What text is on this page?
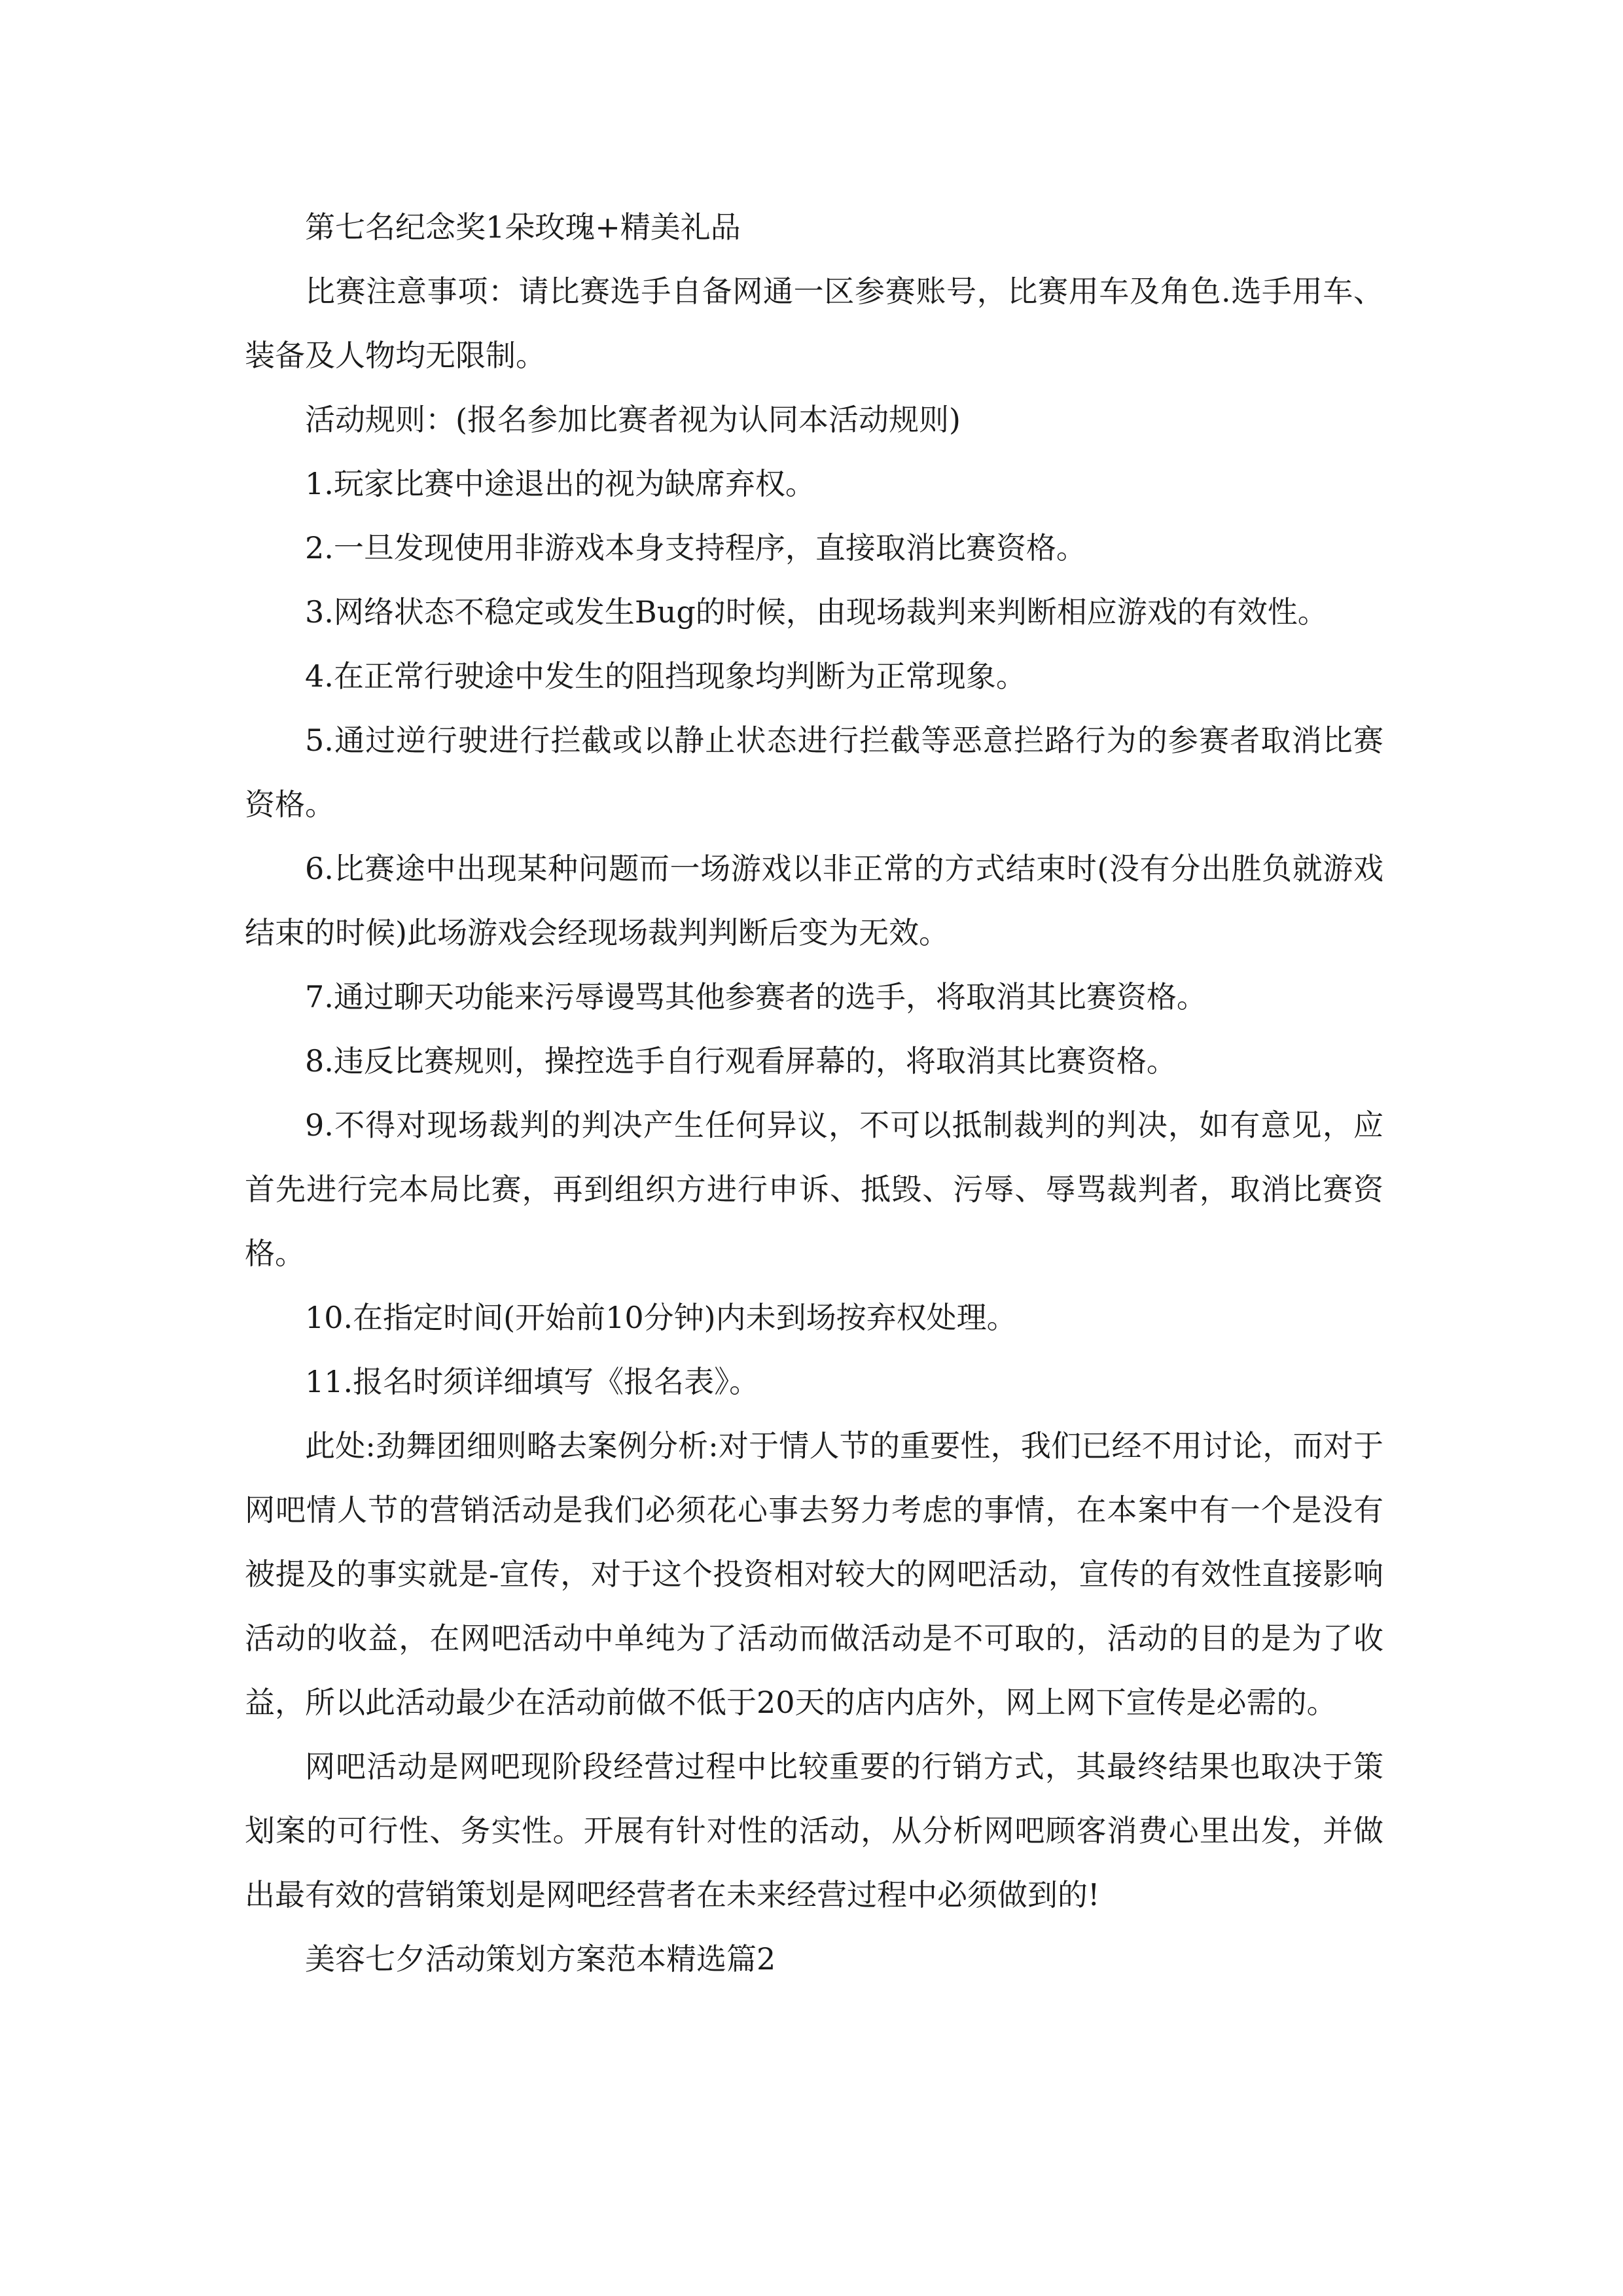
第七名纪念奖1朵玫瑰+精美礼品

比赛注意事项：请比赛选手自备网通一区参赛账号，比赛用车及角色.选手用车、装备及人物均无限制。

活动规则：(报名参加比赛者视为认同本活动规则)

1.玩家比赛中途退出的视为缺席弃权。

2.一旦发现使用非游戏本身支持程序，直接取消比赛资格。

3.网络状态不稳定或发生Bug的时候，由现场裁判来判断相应游戏的有效性。

4.在正常行驶途中发生的阻挡现象均判断为正常现象。

5.通过逆行驶进行拦截或以静止状态进行拦截等恶意拦路行为的参赛者取消比赛资格。

6.比赛途中出现某种问题而一场游戏以非正常的方式结束时(没有分出胜负就游戏结束的时候)此场游戏会经现场裁判判断后变为无效。

7.通过聊天功能来污辱谩骂其他参赛者的选手，将取消其比赛资格。

8.违反比赛规则，操控选手自行观看屏幕的，将取消其比赛资格。

9.不得对现场裁判的判决产生任何异议，不可以抵制裁判的判决，如有意见，应首先进行完本局比赛，再到组织方进行申诉、抵毁、污辱、辱骂裁判者，取消比赛资格。

10.在指定时间(开始前10分钟)内未到场按弃权处理。

11.报名时须详细填写《报名表》。

此处:劲舞团细则略去案例分析:对于情人节的重要性，我们已经不用讨论，而对于网吧情人节的营销活动是我们必须花心事去努力考虑的事情，在本案中有一个是没有被提及的事实就是-宣传，对于这个投资相对较大的网吧活动，宣传的有效性直接影响活动的收益，在网吧活动中单纯为了活动而做活动是不可取的，活动的目的是为了收益，所以此活动最少在活动前做不低于20天的店内店外，网上网下宣传是必需的。

网吧活动是网吧现阶段经营过程中比较重要的行销方式，其最终结果也取决于策划案的可行性、务实性。开展有针对性的活动，从分析网吧顾客消费心里出发，并做出最有效的营销策划是网吧经营者在未来经营过程中必须做到的!

美容七夕活动策划方案范本精选篇2
